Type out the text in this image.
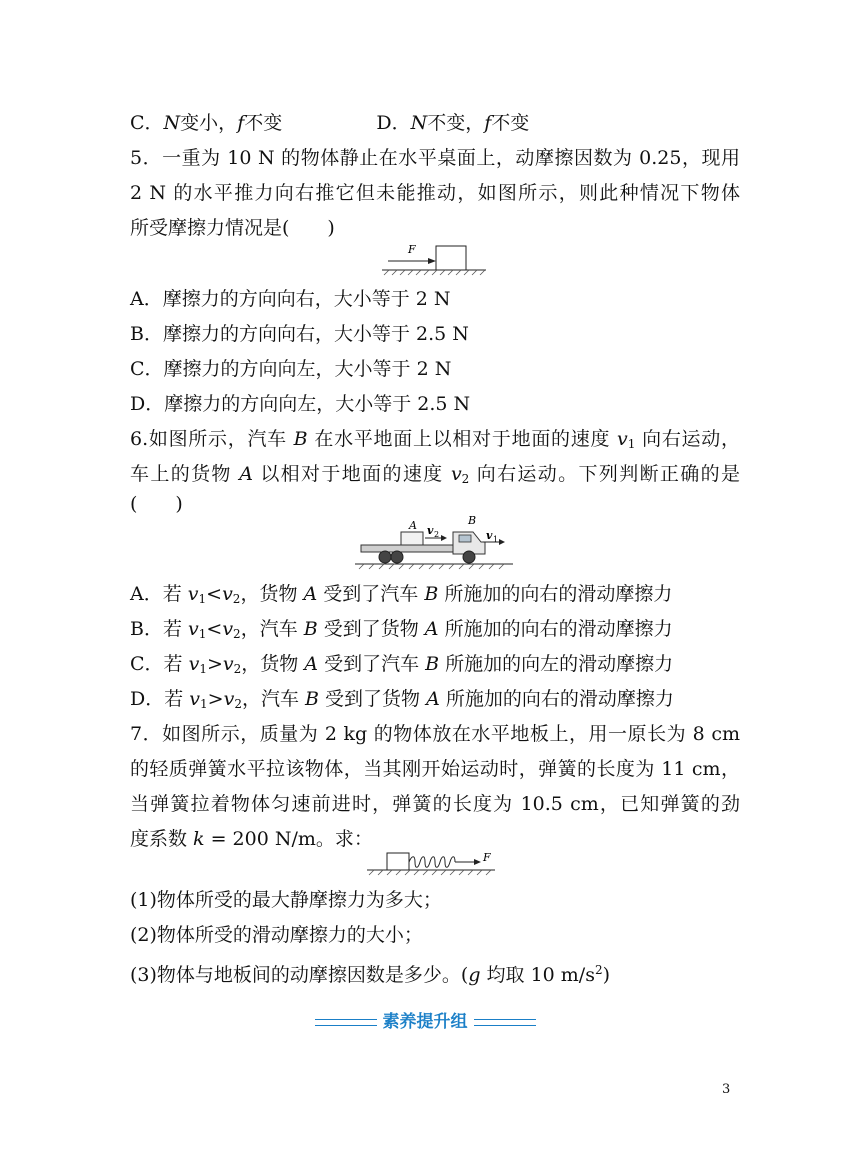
C．N变小，f不变	D．N不变，f不变
5．一重为 10 N 的物体静止在水平桌面上，动摩擦因数为 0.25，现用
2 N 的水平推力向右推它但未能推动，如图所示，则此种情况下物体
所受摩擦力情况是(　　)
F
A．摩擦力的方向向右，大小等于 2 N
B．摩擦力的方向向右，大小等于 2.5 N
C．摩擦力的方向向左，大小等于 2 N
D．摩擦力的方向向左，大小等于 2.5 N
6.如图所示，汽车 B 在水平地面上以相对于地面的速度 $v_1$ 向右运动，
车上的货物 A 以相对于地面的速度 $v_2$ 向右运动。下列判断正确的是
(　　)
A v 2
B
v 1
A．若 $v_1<v_2$，货物 A 受到了汽车 B 所施加的向右的滑动摩擦力
B．若 $v_1<v_2$，汽车 B 受到了货物 A 所施加的向右的滑动摩擦力
C．若 $v_1>v_2$，货物 A 受到了汽车 B 所施加的向左的滑动摩擦力
D．若 $v_1>v_2$，汽车 B 受到了货物 A 所施加的向右的滑动摩擦力
7．如图所示，质量为 2 kg 的物体放在水平地板上，用一原长为 8 cm
的轻质弹簧水平拉该物体，当其刚开始运动时，弹簧的长度为 11 cm，
当弹簧拉着物体匀速前进时，弹簧的长度为 10.5 cm，已知弹簧的劲
度系数 k = 200 N/m。求：
F
(1)物体所受的最大静摩擦力为多大；
(2)物体所受的滑动摩擦力的大小；
(3)物体与地板间的动摩擦因数是多少。(g 均取 10 $m/s^2$)
素养提升组
3
